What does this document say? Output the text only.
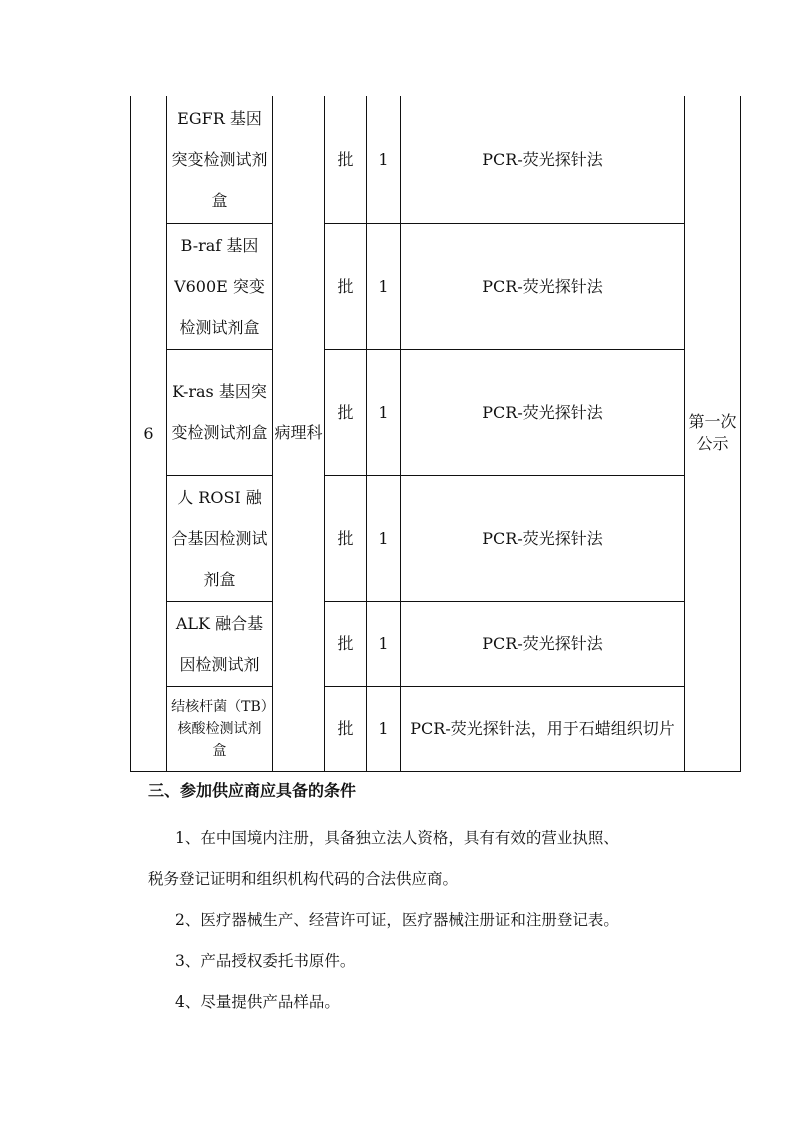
6	EGFR 基因突变检测试剂盒	病理科	批	1	PCR-荧光探针法	第一次公示
	B-raf 基因V600E 突变检测试剂盒		批	1	PCR-荧光探针法	
	K-ras 基因突变检测试剂盒		批	1	PCR-荧光探针法	
	人 ROSI 融合基因检测试剂盒		批	1	PCR-荧光探针法	
	ALK 融合基因检测试剂		批	1	PCR-荧光探针法	
	结核杆菌（TB）核酸检测试剂盒		批	1	PCR-荧光探针法，用于石蜡组织切片	
三、参加供应商应具备的条件

1、在中国境内注册，具备独立法人资格，具有有效的营业执照、

税务登记证明和组织机构代码的合法供应商。

2、医疗器械生产、经营许可证，医疗器械注册证和注册登记表。

3、产品授权委托书原件。

4、尽量提供产品样品。
